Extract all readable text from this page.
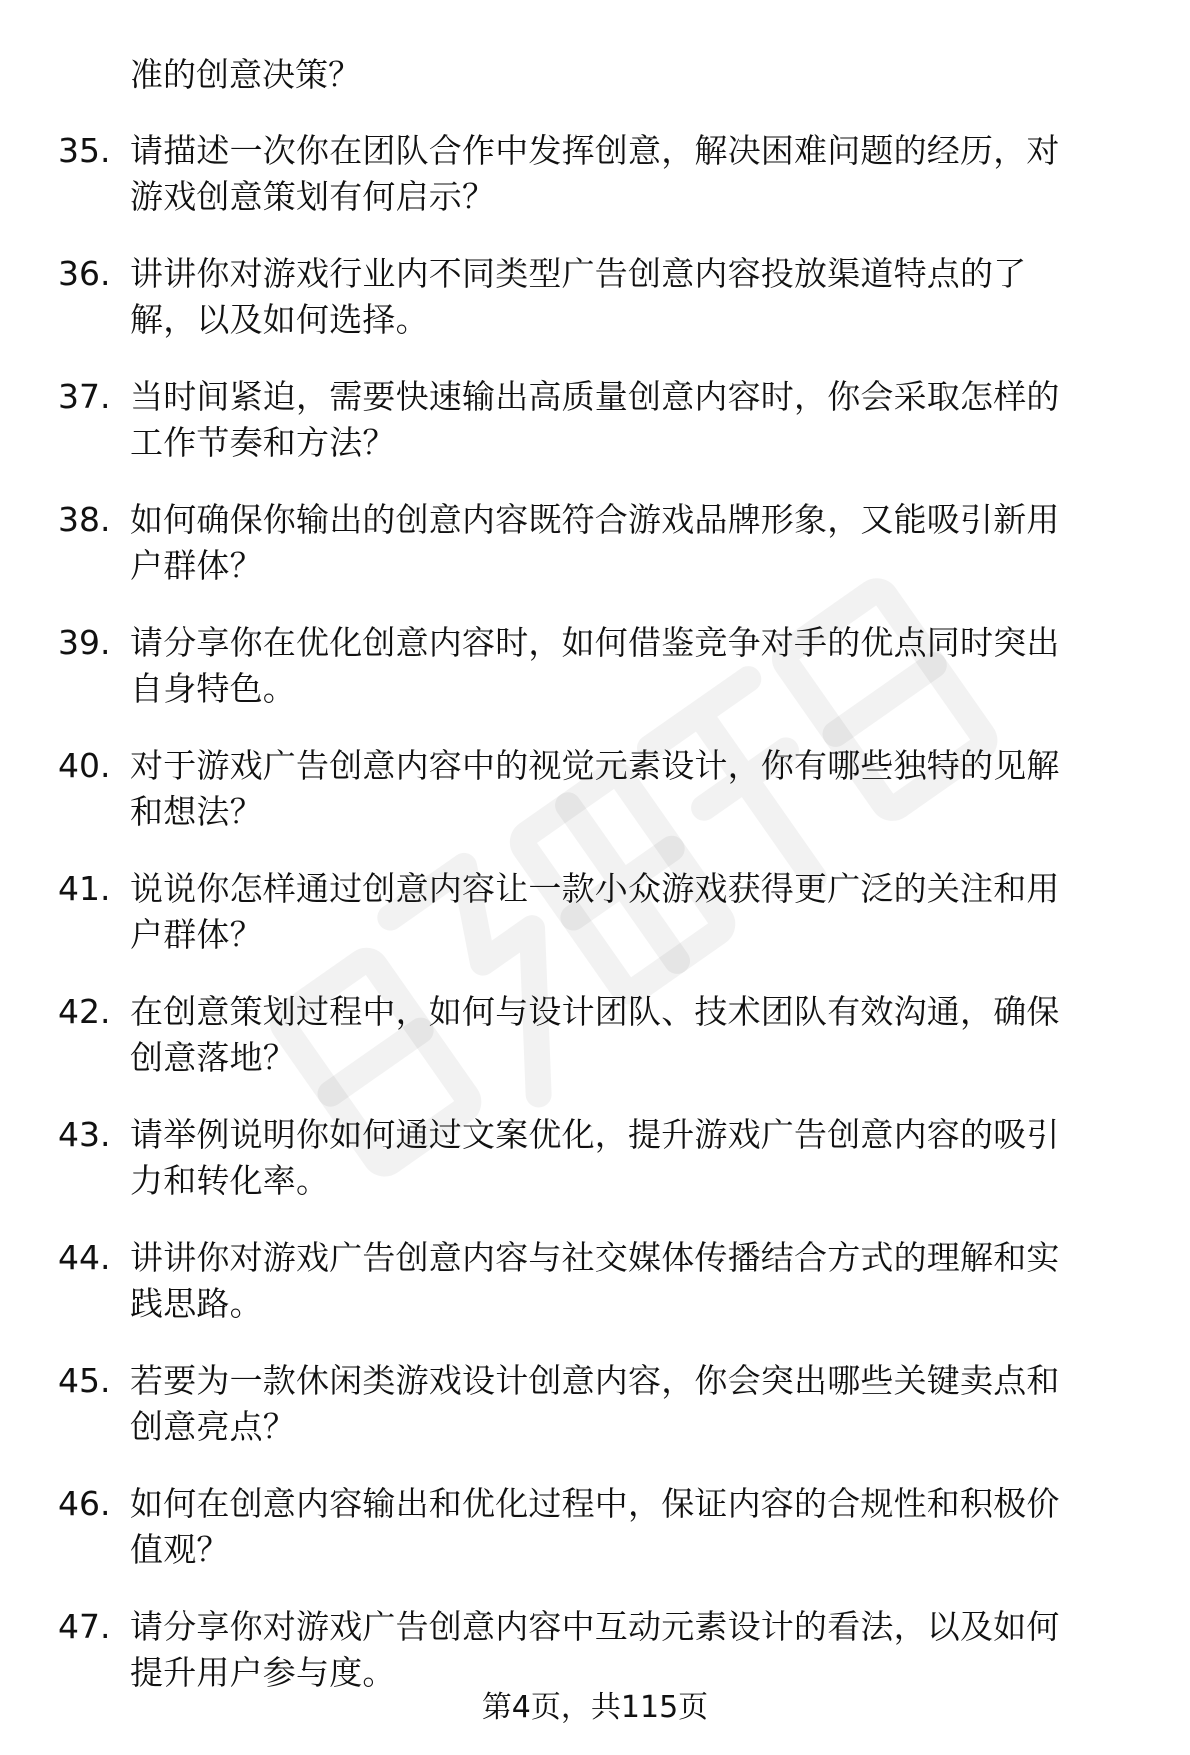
准的创意决策？
35. 请描述一次你在团队合作中发挥创意，解决困难问题的经历，对
游戏创意策划有何启示？
36. 讲讲你对游戏行业内不同类型广告创意内容投放渠道特点的了
解，以及如何选择。
37. 当时间紧迫，需要快速输出高质量创意内容时，你会采取怎样的
工作节奏和方法？
38. 如何确保你输出的创意内容既符合游戏品牌形象，又能吸引新用
户群体？
39. 请分享你在优化创意内容时，如何借鉴竞争对手的优点同时突出
自身特色。
40. 对于游戏广告创意内容中的视觉元素设计，你有哪些独特的见解
和想法？
41. 说说你怎样通过创意内容让一款小众游戏获得更广泛的关注和用
户群体？
42. 在创意策划过程中，如何与设计团队、技术团队有效沟通，确保
创意落地？
43. 请举例说明你如何通过文案优化，提升游戏广告创意内容的吸引
力和转化率。
44. 讲讲你对游戏广告创意内容与社交媒体传播结合方式的理解和实
践思路。
45. 若要为一款休闲类游戏设计创意内容，你会突出哪些关键卖点和
创意亮点？
46. 如何在创意内容输出和优化过程中，保证内容的合规性和积极价
值观？
47. 请分享你对游戏广告创意内容中互动元素设计的看法，以及如何
提升用户参与度。
第4页，共115页
